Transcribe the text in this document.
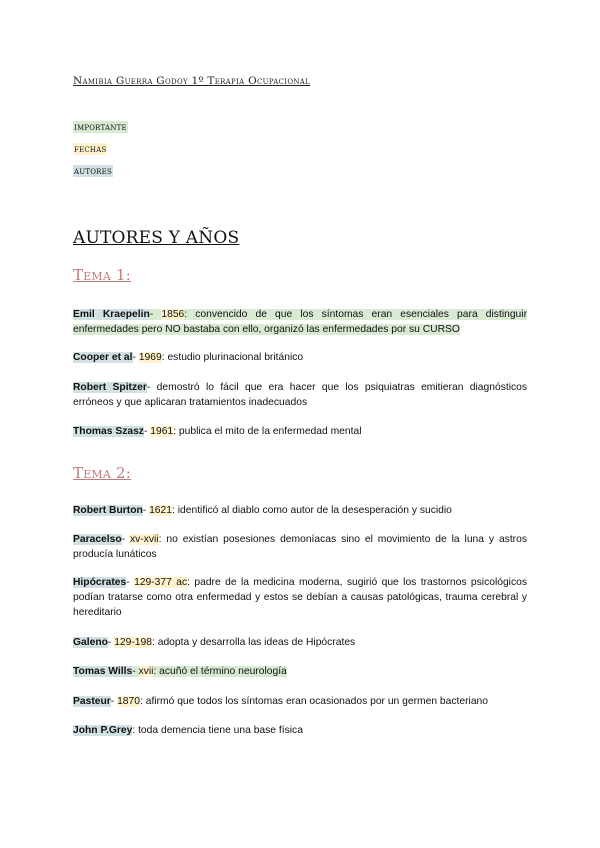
Namibia Guerra Godoy 1º Terapia Ocupacional
importante
fechas
autores
AUTORES Y AÑOS
Tema 1:
Emil Kraepelin- 1856: convencido de que los síntomas eran esenciales para distinguir enfermedades pero NO bastaba con ello, organizó las enfermedades por su CURSO
Cooper et al- 1969: estudio plurinacional británico
Robert Spitzer- demostró lo fácil que era hacer que los psiquiatras emitieran diagnósticos erróneos y que aplicaran tratamientos inadecuados
Thomas Szasz- 1961: publica el mito de la enfermedad mental
Tema 2:
Robert Burton- 1621: identificó al diablo como autor de la desesperación y sucidio
Paracelso- xv-xvii: no existían posesiones demoníacas sino el movimiento de la luna y astros producía lunáticos
Hipócrates- 129-377 ac: padre de la medicina moderna, sugirió que los trastornos psicológicos podían tratarse como otra enfermedad y estos se debían a causas patológicas, trauma cerebral y hereditario
Galeno- 129-198: adopta y desarrolla las ideas de Hipócrates
Tomas Wills- xvii: acuñó el término neurología
Pasteur- 1870: afirmó que todos los síntomas eran ocasionados por un germen bacteriano
John P.Grey: toda demencia tiene una base física
